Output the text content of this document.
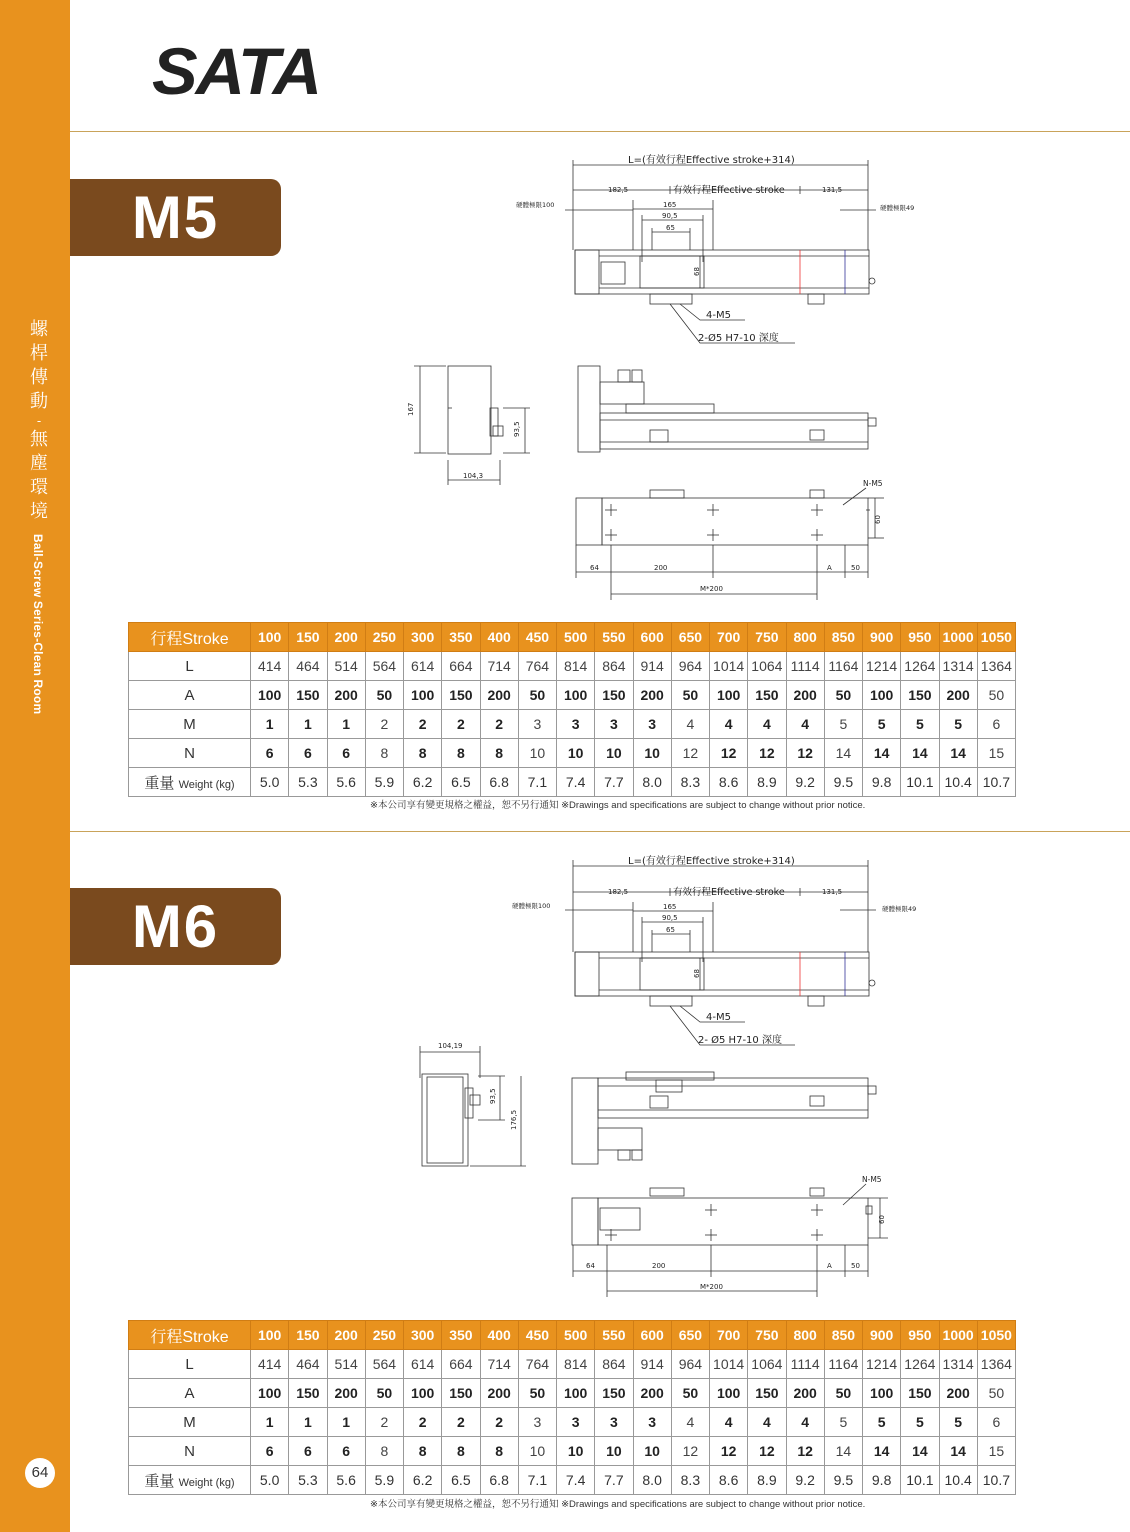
螺
桿
傳
動
-
無
塵
環
境
Ball-Screw Series-Clean Room
64
SATA
M5
L=(有效行程Effective stroke+314)
182,5	有效行程Effective stroke	131,5
硬體極限100	硬體極限49
165
90,5
65
68
4-M5
2-Ø5 H7-10 深度
167
93,5
104,3
N-M5
60
64	200	A	50
M*200
行程Stroke	100	150	200	250	300	350	400	450	500	550	600	650	700	750	800	850	900	950	1000	1050
L	414	464	514	564	614	664	714	764	814	864	914	964	1014	1064	1114	1164	1214	1264	1314	1364
A	100	150	200	50	100	150	200	50	100	150	200	50	100	150	200	50	100	150	200	50
M	1	1	1	2	2	2	2	3	3	3	3	4	4	4	4	5	5	5	5	6
N	6	6	6	8	8	8	8	10	10	10	10	12	12	12	12	14	14	14	14	15
重量 Weight (kg)	5.0	5.3	5.6	5.9	6.2	6.5	6.8	7.1	7.4	7.7	8.0	8.3	8.6	8.9	9.2	9.5	9.8	10.1	10.4	10.7
※本公司享有變更規格之權益，恕不另行通知 ※Drawings and specifications are subject to change without prior notice.
M6
L=(有效行程Effective stroke+314)
182,5	有效行程Effective stroke	131,5
硬體極限100	硬體極限49
165
90,5
65
68
4-M5
2- Ø5 H7-10 深度
104,19
93,5
176,5
N-M5
60
64	200	A	50
M*200
行程Stroke	100	150	200	250	300	350	400	450	500	550	600	650	700	750	800	850	900	950	1000	1050
L	414	464	514	564	614	664	714	764	814	864	914	964	1014	1064	1114	1164	1214	1264	1314	1364
A	100	150	200	50	100	150	200	50	100	150	200	50	100	150	200	50	100	150	200	50
M	1	1	1	2	2	2	2	3	3	3	3	4	4	4	4	5	5	5	5	6
N	6	6	6	8	8	8	8	10	10	10	10	12	12	12	12	14	14	14	14	15
重量 Weight (kg)	5.0	5.3	5.6	5.9	6.2	6.5	6.8	7.1	7.4	7.7	8.0	8.3	8.6	8.9	9.2	9.5	9.8	10.1	10.4	10.7
※本公司享有變更規格之權益，恕不另行通知 ※Drawings and specifications are subject to change without prior notice.
